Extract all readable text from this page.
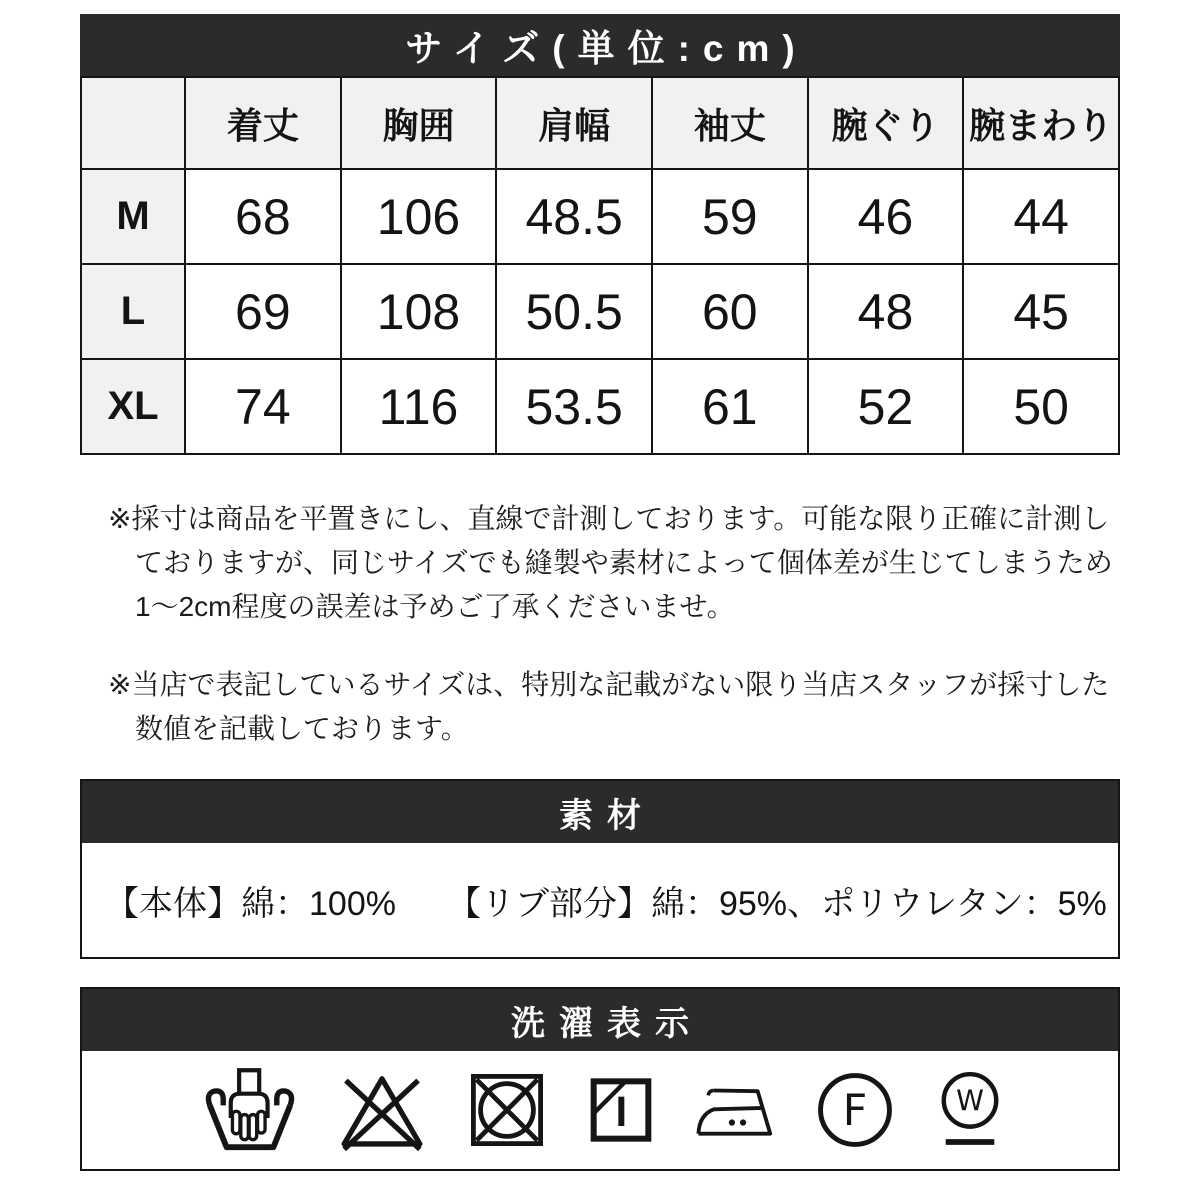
サイズ(単位:cm)
	着丈	胸囲	肩幅	袖丈	腕ぐり	腕まわり
M	68	106	48.5	59	46	44
L	69	108	50.5	60	48	45
XL	74	116	53.5	61	52	50
※採寸は商品を平置きにし、直線で計測しております。可能な限り正確に計測し
ておりますが、同じサイズでも縫製や素材によって個体差が生じてしまうため
1〜2cm程度の誤差は予めご了承くださいませ。
※当店で表記しているサイズは、特別な記載がない限り当店スタッフが採寸した
数値を記載しております。
素材
【本体】綿：100%　　【リブ部分】綿：95%、ポリウレタン：5%
洗濯表示
F W
